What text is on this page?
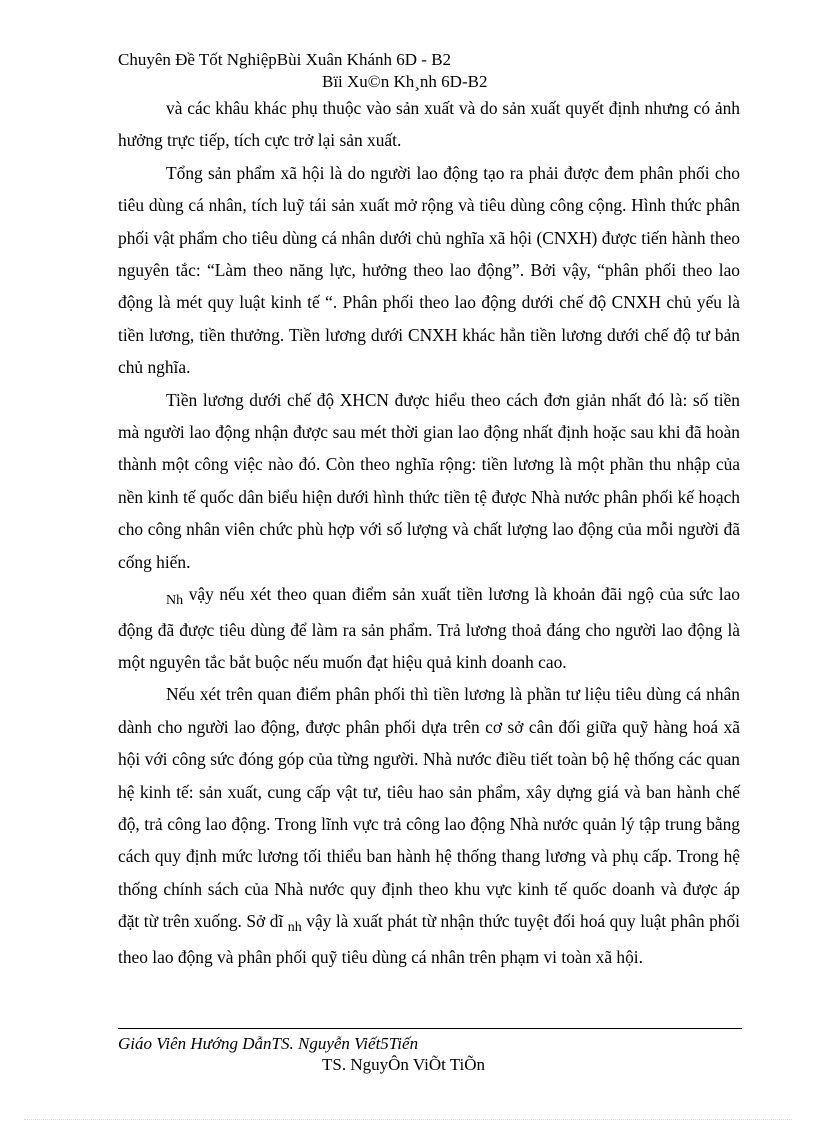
Chuyên Đề Tốt NghiệpBùi Xuân Khánh 6D - B2
Bïi Xu©n Kh¸nh 6D-B2

và các khâu khác phụ thuộc vào sản xuất và do sản xuất quyết định nhưng có ảnh hưởng trực tiếp, tích cực trở lại sản xuất.

Tổng sản phẩm xã hội là do người lao động tạo ra phải được đem phân phối cho tiêu dùng cá nhân, tích luỹ tái sản xuất mở rộng và tiêu dùng công cộng. Hình thức phân phối vật phẩm cho tiêu dùng cá nhân dưới chủ nghĩa xã hội (CNXH) được tiến hành theo nguyên tắc: “Làm theo năng lực, hưởng theo lao động”. Bởi vậy, “phân phối theo lao động là mét quy luật kinh tế “. Phân phối theo lao động dưới chế độ CNXH chủ yếu là tiền lương, tiền thưởng. Tiền lương dưới CNXH khác hẳn tiền lương dưới chế độ tư bản chủ nghĩa.

Tiền lương dưới chế độ XHCN được hiểu theo cách đơn giản nhất đó là: số tiền mà người lao động nhận được sau mét thời gian lao động nhất định hoặc sau khi đã hoàn thành một công việc nào đó. Còn theo nghĩa rộng: tiền lương là một phần thu nhập của nền kinh tế quốc dân biểu hiện dưới hình thức tiền tệ được Nhà nước phân phối kế hoạch cho công nhân viên chức phù hợp với số lượng và chất lượng lao động của mỗi người đã cống hiến.

$_{Nh}$ vậy nếu xét theo quan điểm sản xuất tiền lương là khoản đãi ngộ của sức lao động đã được tiêu dùng để làm ra sản phẩm. Trả lương thoả đáng cho người lao động là một nguyên tắc bắt buộc nếu muốn đạt hiệu quả kinh doanh cao.

Nếu xét trên quan điểm phân phối thì tiền lương là phần tư liệu tiêu dùng cá nhân dành cho người lao động, được phân phối dựa trên cơ sở cân đối giữa quỹ hàng hoá xã hội với công sức đóng góp của từng người. Nhà nước điều tiết toàn bộ hệ thống các quan hệ kinh tế: sản xuất, cung cấp vật tư, tiêu hao sản phẩm, xây dựng giá và ban hành chế độ, trả công lao động. Trong lĩnh vực trả công lao động Nhà nước quản lý tập trung bằng cách quy định mức lương tối thiểu ban hành hệ thống thang lương và phụ cấp. Trong hệ thống chính sách của Nhà nước quy định theo khu vực kinh tế quốc doanh và được áp đặt từ trên xuống. Sở dĩ $_{nh}$ vậy là xuất phát từ nhận thức tuyệt đối hoá quy luật phân phối theo lao động và phân phối quỹ tiêu dùng cá nhân trên phạm vi toàn xã hội.

Giáo Viên Hướng DẫnTS. Nguyễn Viết5Tiến
TS. NguyÔn ViÕt TiÕn
